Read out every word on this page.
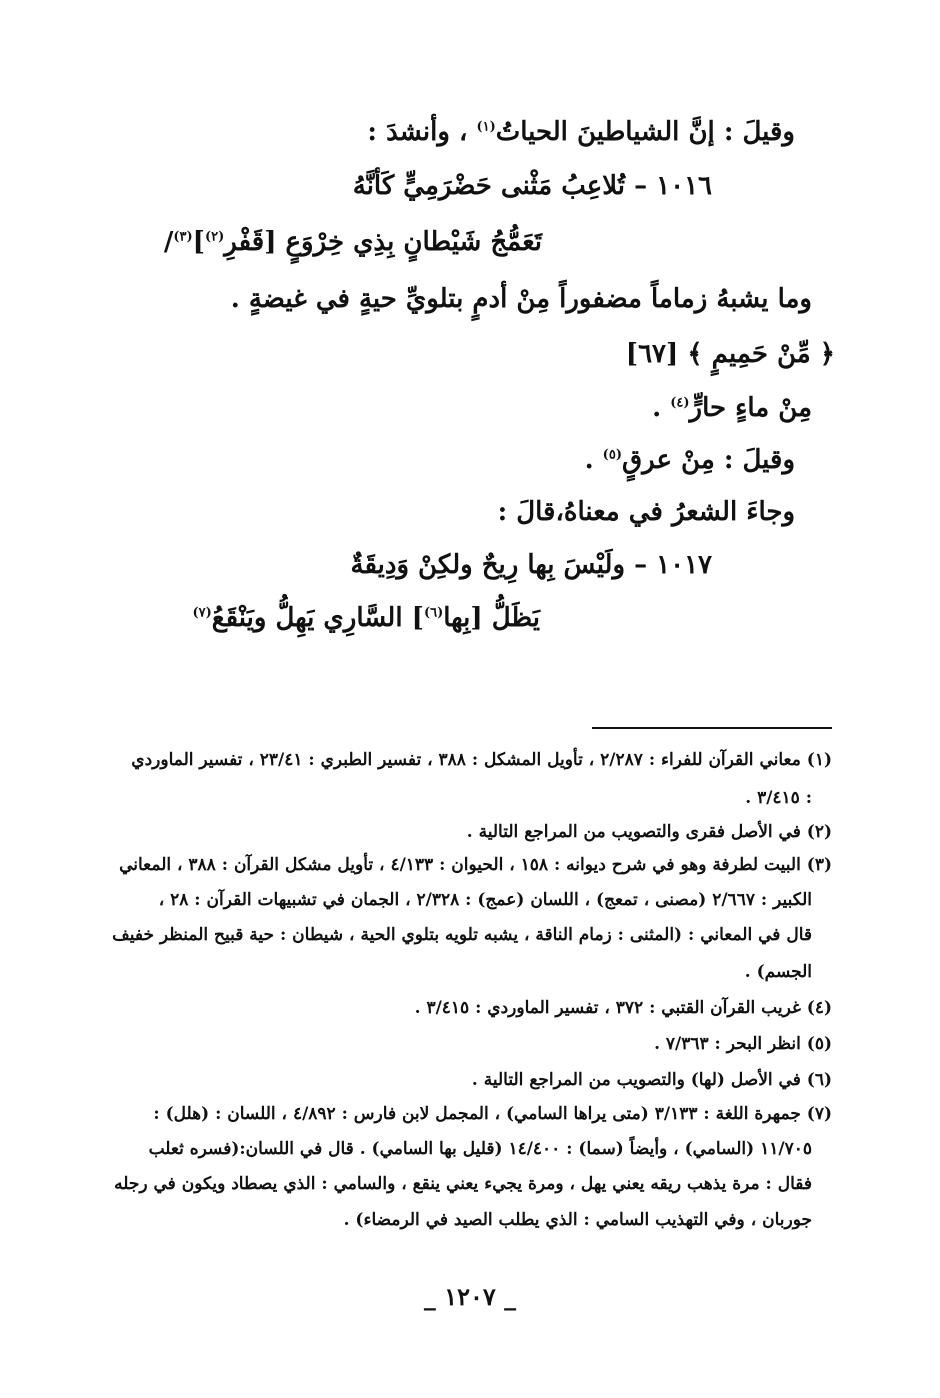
وقيلَ : إنَّ الشياطينَ الحياتُ$^{(١)}$ ، وأنشدَ :
١٠١٦ – تُلاعِبُ مَثْنى حَضْرَمِيٍّ كَأنَّهُ
تَعَمُّجُ شَيْطانٍ بِذِي خِرْوَعٍ [قَفْرِ$^{(٢)}$]$^{(٣)}$/
وما يشبهُ زماماً مضفوراً مِنْ أدمٍ بتلويِّ حيةٍ في غيضةٍ .
﴿ مِّنْ حَمِيمٍ ﴾ [٦٧]
مِنْ ماءٍ حارٍّ$^{(٤)}$ .
وقيلَ : مِنْ عرقٍ$^{(٥)}$ .
وجاءَ الشعرُ في معناهُ،قالَ :
١٠١٧ – ولَيْسَ بِها رِيحٌ ولكِنْ وَدِيقَةٌ
يَظَلُّ [بِها$^{(٦)}$] السَّارِي يَهِلُّ ويَنْقَعُ$^{(٧)}$
(١) معاني القرآن للفراء : ٢/٢٨٧ ، تأويل المشكل : ٣٨٨ ، تفسير الطبري : ٢٣/٤١ ، تفسير الماوردي
: ٣/٤١٥ .
(٢) في الأصل فقرى والتصويب من المراجع التالية .
(٣) البيت لطرفة وهو في شرح ديوانه : ١٥٨ ، الحيوان : ٤/١٣٣ ، تأويل مشكل القرآن : ٣٨٨ ، المعاني
الكبير : ٢/٦٦٧ (مصنى ، تمعج) ، اللسان (عمج) : ٢/٣٢٨ ، الجمان في تشبيهات القرآن : ٢٨ ،
قال في المعاني : (المثنى : زمام الناقة ، يشبه تلويه بتلوي الحية ، شيطان : حية قبيح المنظر خفيف
الجسم) .
(٤) غريب القرآن القتبي : ٣٧٢ ، تفسير الماوردي : ٣/٤١٥ .
(٥) انظر البحر : ٧/٣٦٣ .
(٦) في الأصل (لها) والتصويب من المراجع التالية .
(٧) جمهرة اللغة : ٣/١٣٣ (متى يراها السامي) ، المجمل لابن فارس : ٤/٨٩٢ ، اللسان : (هلل) :
١١/٧٠٥ (السامي) ، وأيضاً (سما) : ١٤/٤٠٠ (قليل بها السامي) . قال في اللسان:(فسره ثعلب
فقال : مرة يذهب ريقه يعني يهل ، ومرة يجيء يعني ينقع ، والسامي : الذي يصطاد ويكون في رجله
جوربان ، وفي التهذيب السامي : الذي يطلب الصيد في الرمضاء) .
_ ١٢٠٧ _
